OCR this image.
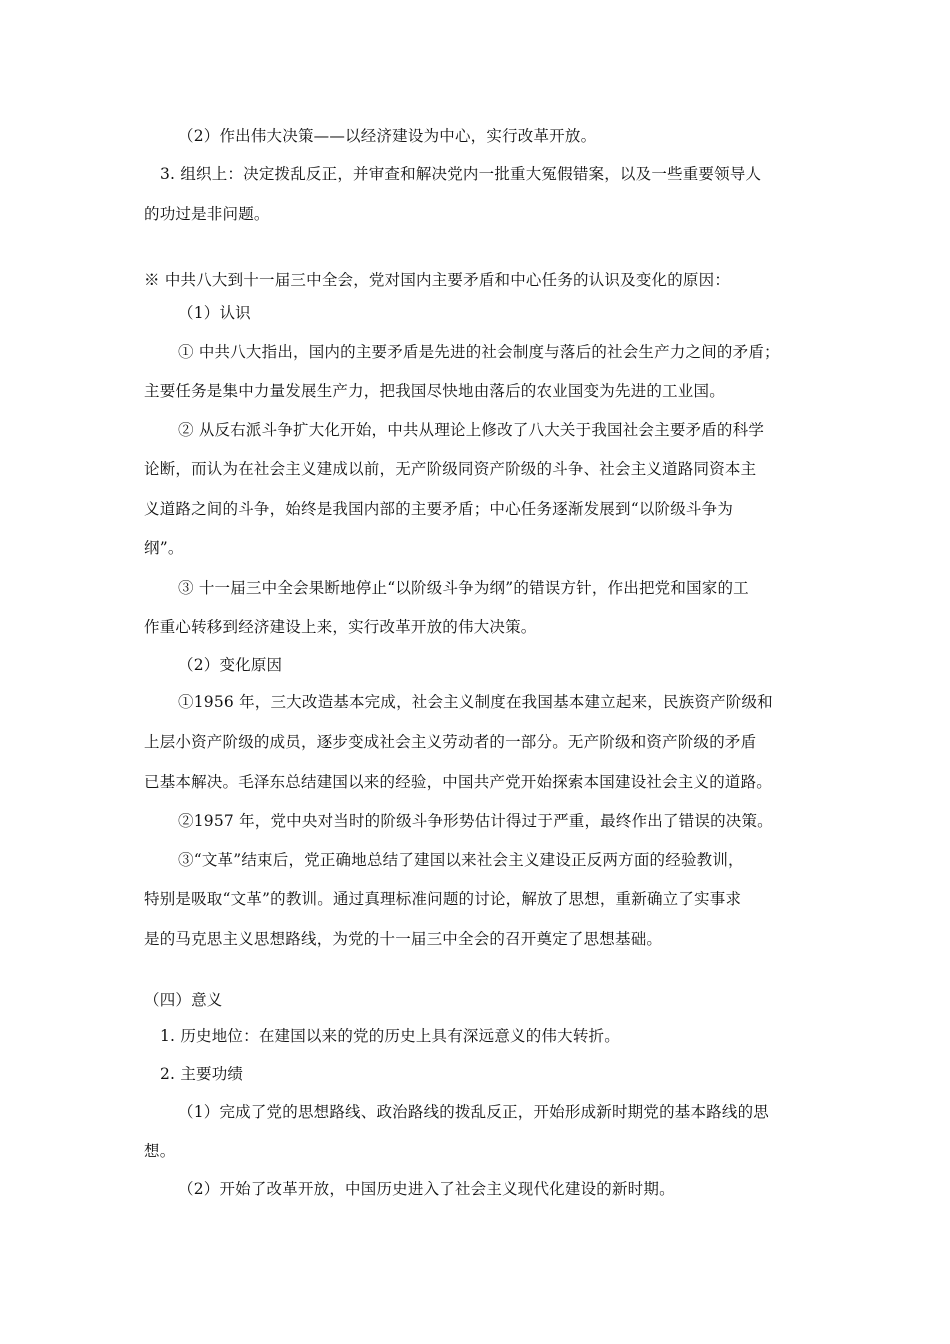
（2）作出伟大决策——以经济建设为中心，实行改革开放。
3. 组织上：决定拨乱反正，并审查和解决党内一批重大冤假错案，以及一些重要领导人
的功过是非问题。
※ 中共八大到十一届三中全会，党对国内主要矛盾和中心任务的认识及变化的原因：
（1）认识
① 中共八大指出，国内的主要矛盾是先进的社会制度与落后的社会生产力之间的矛盾；
主要任务是集中力量发展生产力，把我国尽快地由落后的农业国变为先进的工业国。
② 从反右派斗争扩大化开始，中共从理论上修改了八大关于我国社会主要矛盾的科学
论断，而认为在社会主义建成以前，无产阶级同资产阶级的斗争、社会主义道路同资本主
义道路之间的斗争，始终是我国内部的主要矛盾；中心任务逐渐发展到“以阶级斗争为
纲”。
③ 十一届三中全会果断地停止“以阶级斗争为纲”的错误方针，作出把党和国家的工
作重心转移到经济建设上来，实行改革开放的伟大决策。
（2）变化原因
①1956 年，三大改造基本完成，社会主义制度在我国基本建立起来，民族资产阶级和
上层小资产阶级的成员，逐步变成社会主义劳动者的一部分。无产阶级和资产阶级的矛盾
已基本解决。毛泽东总结建国以来的经验，中国共产党开始探索本国建设社会主义的道路。
②1957 年，党中央对当时的阶级斗争形势估计得过于严重，最终作出了错误的决策。
③“文革”结束后，党正确地总结了建国以来社会主义建设正反两方面的经验教训，
特别是吸取“文革”的教训。通过真理标准问题的讨论，解放了思想，重新确立了实事求
是的马克思主义思想路线，为党的十一届三中全会的召开奠定了思想基础。
（四）意义
1. 历史地位：在建国以来的党的历史上具有深远意义的伟大转折。
2. 主要功绩
（1）完成了党的思想路线、政治路线的拨乱反正，开始形成新时期党的基本路线的思
想。
（2）开始了改革开放，中国历史进入了社会主义现代化建设的新时期。
